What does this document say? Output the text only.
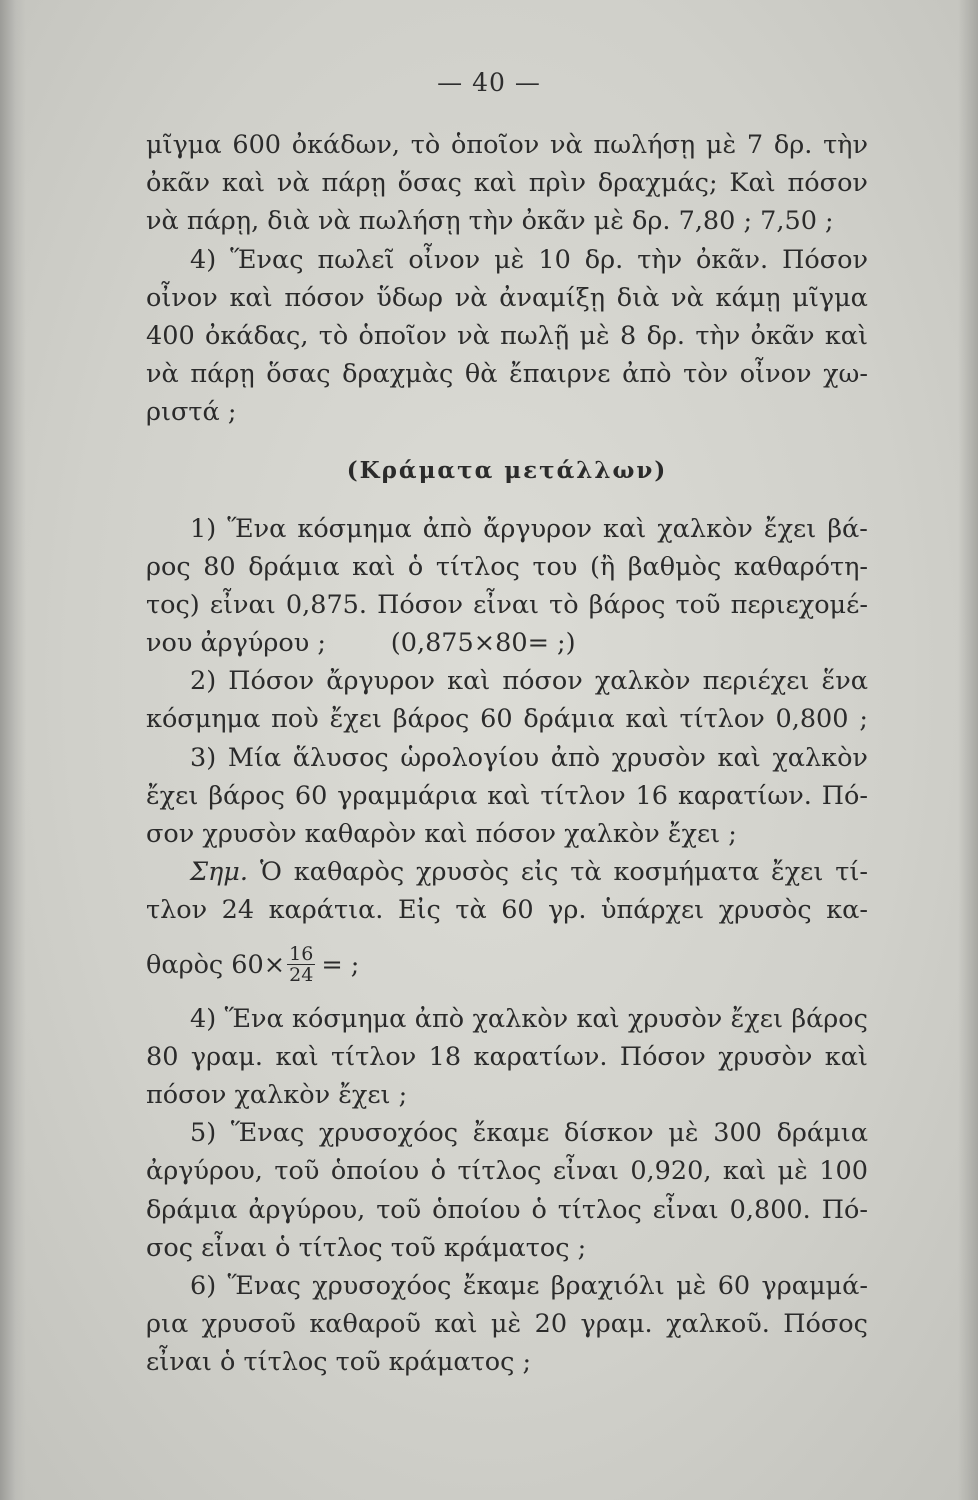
— 40 —
μῖγμα 600 ὀκάδων, τὸ ὁποῖον νὰ πωλήσῃ μὲ 7 δρ. τὴν
ὀκᾶν καὶ νὰ πάρῃ ὅσας καὶ πρὶν δραχμάς; Καὶ πόσον
νὰ πάρῃ, διὰ νὰ πωλήσῃ τὴν ὀκᾶν μὲ δρ. 7,80 ; 7,50 ;
4) Ἕνας πωλεῖ οἶνον μὲ 10 δρ. τὴν ὀκᾶν. Πόσον
οἶνον καὶ πόσον ὕδωρ νὰ ἀναμίξῃ διὰ νὰ κάμῃ μῖγμα
400 ὀκάδας, τὸ ὁποῖον νὰ πωλῇ μὲ 8 δρ. τὴν ὀκᾶν καὶ
νὰ πάρῃ ὅσας δραχμὰς θὰ ἔπαιρνε ἀπὸ τὸν οἶνον χω-
ριστά ;
(Κράματα μετάλλων)
1) Ἕνα κόσμημα ἀπὸ ἄργυρον καὶ χαλκὸν ἔχει βά-
ρος 80 δράμια καὶ ὁ τίτλος του (ἢ βαθμὸς καθαρότη-
τος) εἶναι 0,875. Πόσον εἶναι τὸ βάρος τοῦ περιεχομέ-
νου ἀργύρου ;        (0,875×80= ;)
2) Πόσον ἄργυρον καὶ πόσον χαλκὸν περιέχει ἕνα
κόσμημα ποὺ ἔχει βάρος 60 δράμια καὶ τίτλον 0,800 ;
3) Μία ἅλυσος ὡρολογίου ἀπὸ χρυσὸν καὶ χαλκὸν
ἔχει βάρος 60 γραμμάρια καὶ τίτλον 16 καρατίων. Πό-
σον χρυσὸν καθαρὸν καὶ πόσον χαλκὸν ἔχει ;
Σημ. Ὁ καθαρὸς χρυσὸς εἰς τὰ κοσμήματα ἔχει τί-
τλον 24 καράτια. Εἰς τὰ 60 γρ. ὑπάρχει χρυσὸς κα-
θαρὸς $60\times \frac{16}{24}$ = ;
4) Ἕνα κόσμημα ἀπὸ χαλκὸν καὶ χρυσὸν ἔχει βάρος
80 γραμ. καὶ τίτλον 18 καρατίων. Πόσον χρυσὸν καὶ
πόσον χαλκὸν ἔχει ;
5) Ἕνας χρυσοχόος ἔκαμε δίσκον μὲ 300 δράμια
ἀργύρου, τοῦ ὁποίου ὁ τίτλος εἶναι 0,920, καὶ μὲ 100
δράμια ἀργύρου, τοῦ ὁποίου ὁ τίτλος εἶναι 0,800. Πό-
σος εἶναι ὁ τίτλος τοῦ κράματος ;
6) Ἕνας χρυσοχόος ἔκαμε βραχιόλι μὲ 60 γραμμά-
ρια χρυσοῦ καθαροῦ καὶ μὲ 20 γραμ. χαλκοῦ. Πόσος
εἶναι ὁ τίτλος τοῦ κράματος ;
